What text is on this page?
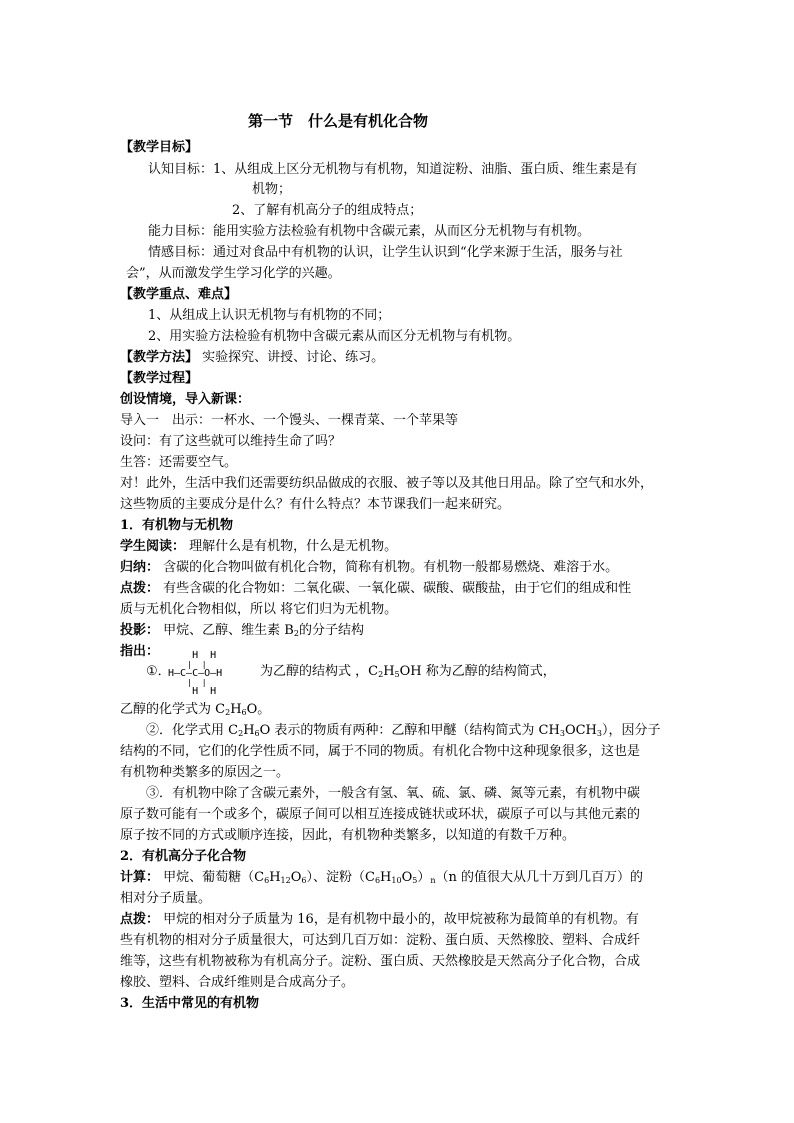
第一节　什么是有机化合物
【教学目标】
认知目标：1、从组成上区分无机物与有机物，知道淀粉、油脂、蛋白质、维生素是有
机物；
2、了解有机高分子的组成特点；
能力目标：能用实验方法检验有机物中含碳元素，从而区分无机物与有机物。
情感目标：通过对食品中有机物的认识，让学生认识到“化学来源于生活，服务与社
会”，从而激发学生学习化学的兴趣。
【教学重点、难点】
1、从组成上认识无机物与有机物的不同；
2、用实验方法检验有机物中含碳元素从而区分无机物与有机物。
【教学方法】 实验探究、讲授、讨论、练习。
【教学过程】
创设情境，导入新课：
导入一　出示：一杯水、一个馒头、一棵青菜、一个苹果等
设问：有了这些就可以维持生命了吗？
生答：还需要空气。
对！此外，生活中我们还需要纺织品做成的衣服、被子等以及其他日用品。除了空气和水外，
这些物质的主要成分是什么？有什么特点？本节课我们一起来研究。
1．有机物与无机物
学生阅读： 理解什么是有机物，什么是无机物。
归纳： 含碳的化合物叫做有机化合物，简称有机物。有机物一般都易燃烧、难溶于水。
点拨： 有些含碳的化合物如：二氧化碳、一氧化碳、碳酸、碳酸盐，由于它们的组成和性
质与无机化合物相似，所以 将它们归为无机物。
投影： 甲烷、乙醇、维生素 $B_2$的分子结构
指出：
①．
H  H
|  |
H—C—C—O—H
|  |
H  H
为乙醇的结构式 ，$C_2H_5OH$ 称为乙醇的结构简式，
乙醇的化学式为 $C_2H_6O$。
②．化学式用 $C_2H_6O$ 表示的物质有两种：乙醇和甲醚（结构简式为 $CH_3OCH_3$），因分子
结构的不同，它们的化学性质不同，属于不同的物质。有机化合物中这种现象很多，这也是
有机物种类繁多的原因之一。
③．有机物中除了含碳元素外，一般含有氢、氧、硫、氯、磷、氮等元素，有机物中碳
原子数可能有一个或多个，碳原子间可以相互连接成链状或环状，碳原子可以与其他元素的
原子按不同的方式或顺序连接，因此，有机物种类繁多，以知道的有数千万种。
2．有机高分子化合物
计算： 甲烷、葡萄糖$(C_6H_{12}O_6)$、淀粉$(C_6H_{10}O_5)_n(n$ 的值很大从几十万到几百万）的
相对分子质量。
点拨： 甲烷的相对分子质量为 16，是有机物中最小的，故甲烷被称为最简单的有机物。有
些有机物的相对分子质量很大，可达到几百万如：淀粉、蛋白质、天然橡胶、塑料、合成纤
维等，这些有机物被称为有机高分子。淀粉、蛋白质、天然橡胶是天然高分子化合物，合成
橡胶、塑料、合成纤维则是合成高分子。
3．生活中常见的有机物
